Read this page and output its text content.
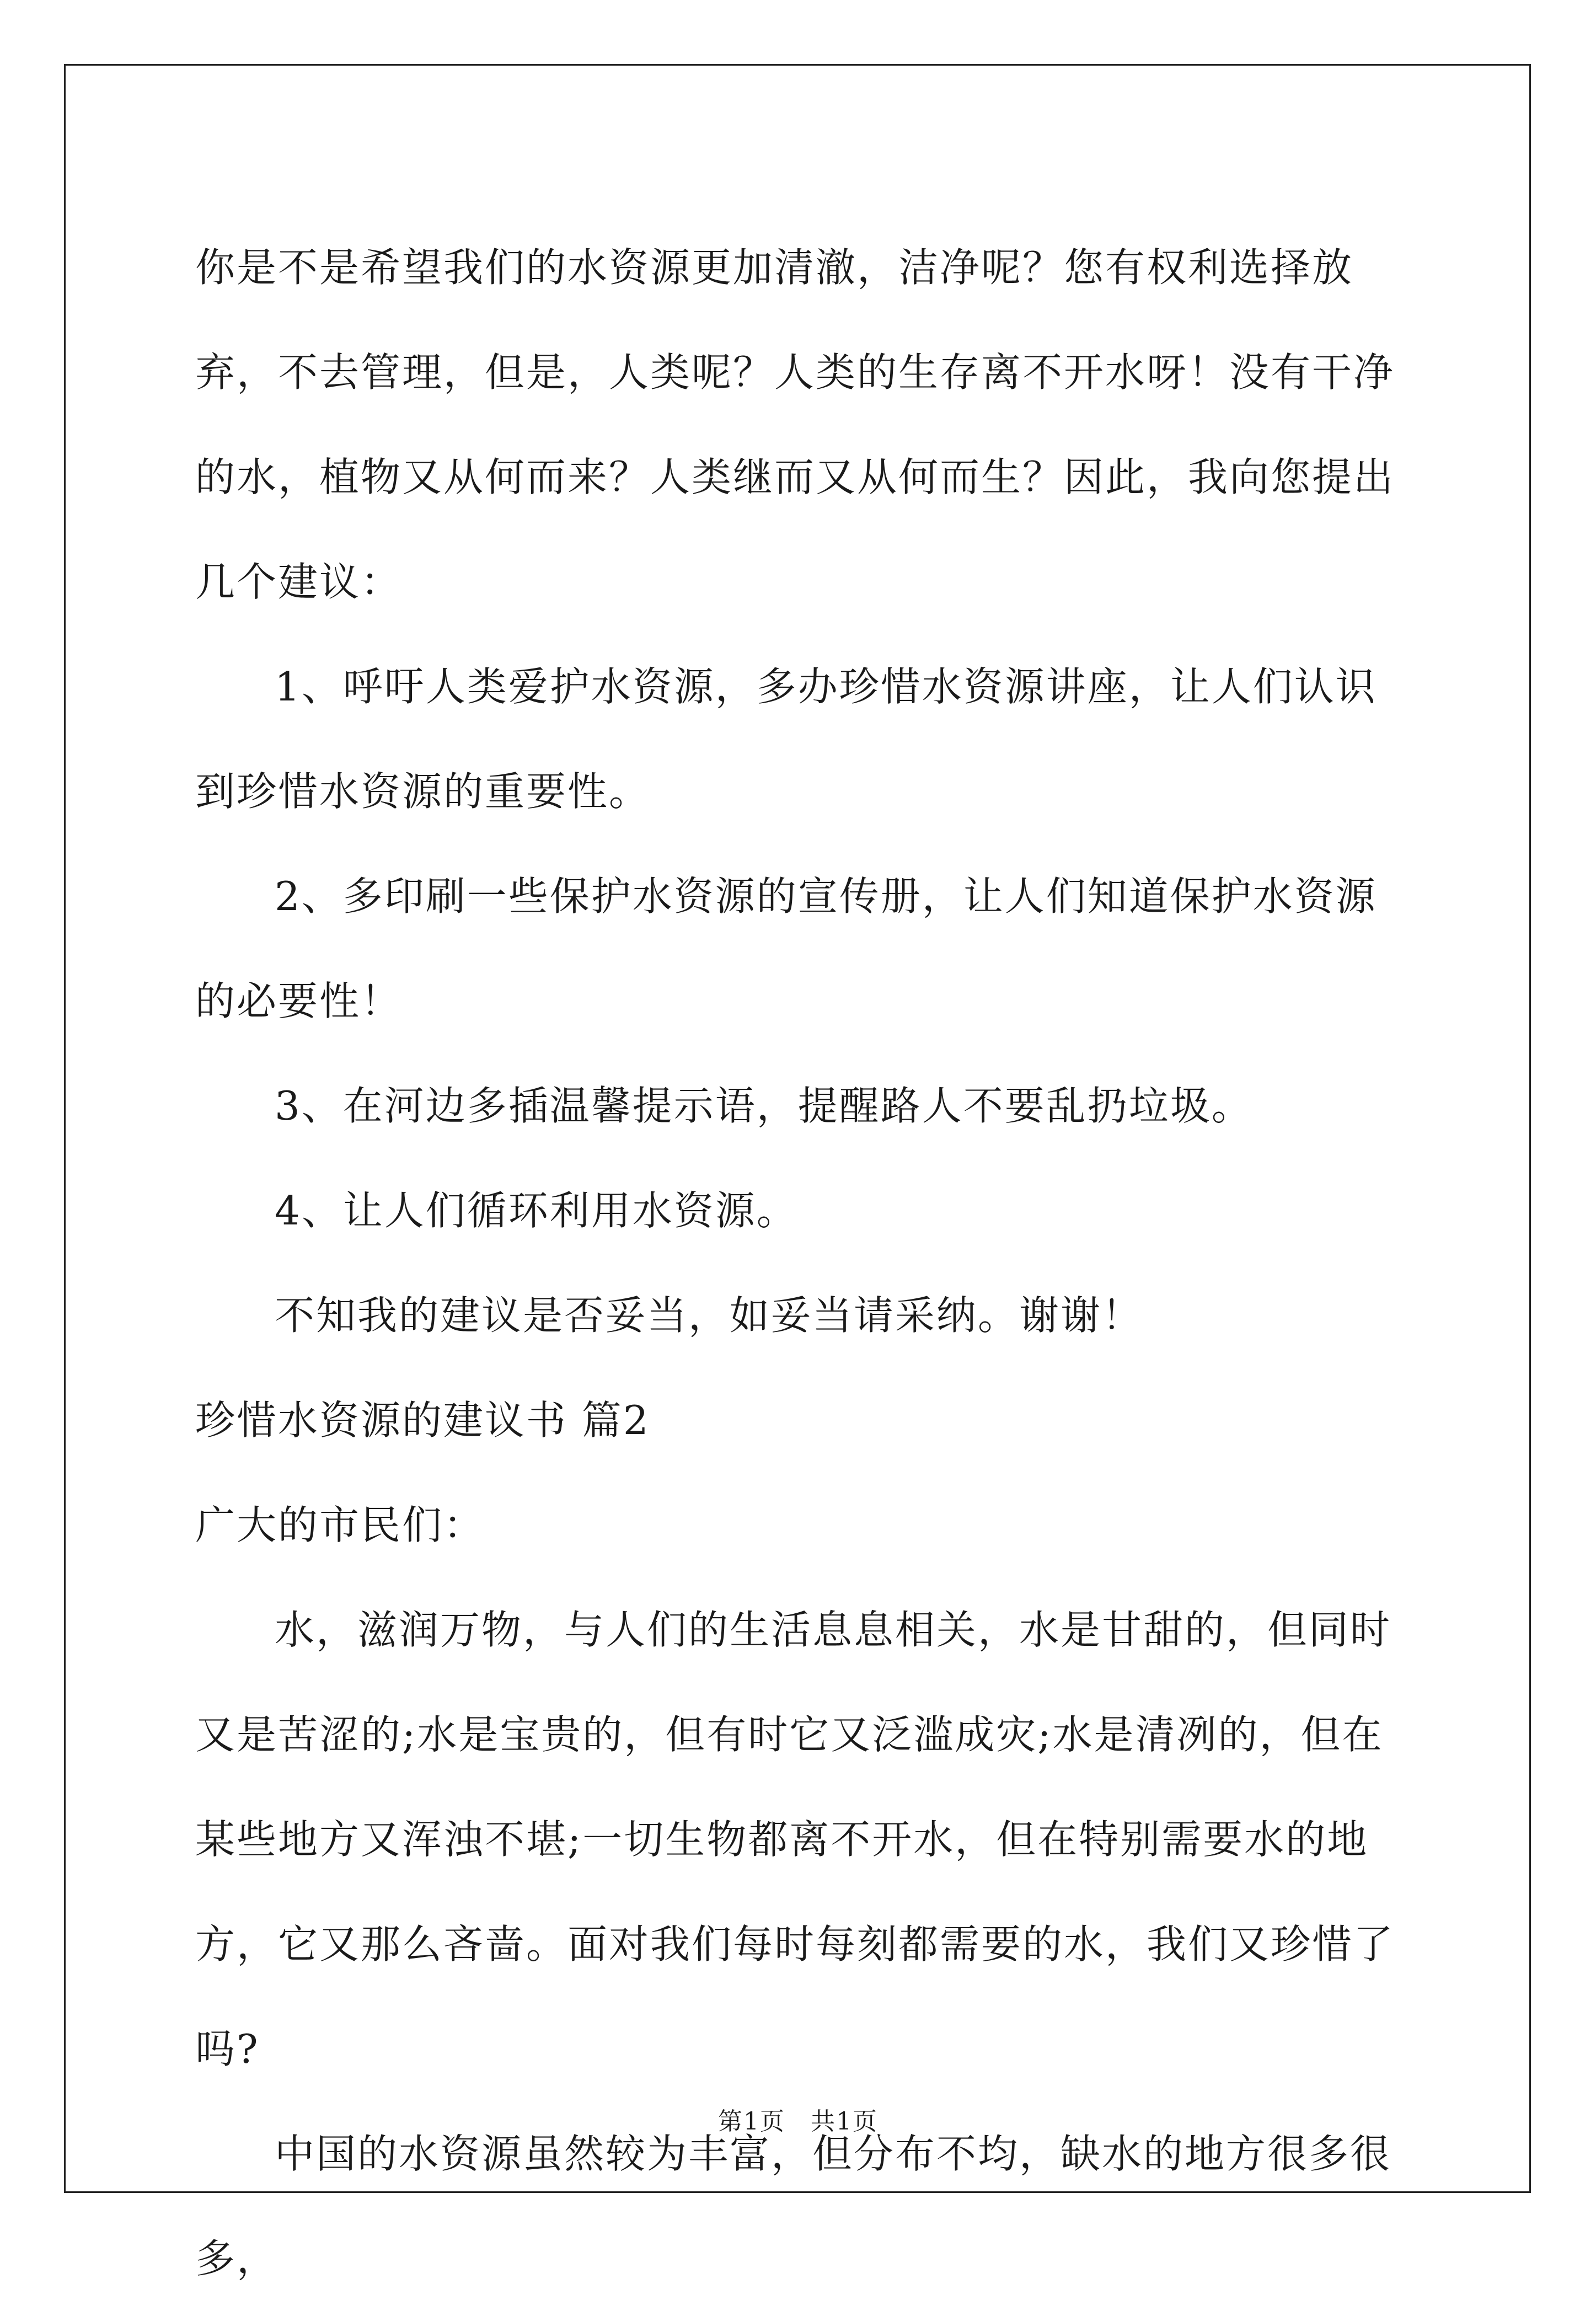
你是不是希望我们的水资源更加清澈，洁净呢？您有权利选择放弃，不去管理，但是，人类呢？人类的生存离不开水呀！没有干净的水，植物又从何而来？人类继而又从何而生？因此，我向您提出几个建议：

1、呼吁人类爱护水资源，多办珍惜水资源讲座，让人们认识到珍惜水资源的重要性。

2、多印刷一些保护水资源的宣传册，让人们知道保护水资源的必要性！

3、在河边多插温馨提示语，提醒路人不要乱扔垃圾。

4、让人们循环利用水资源。

不知我的建议是否妥当，如妥当请采纳。谢谢！

珍惜水资源的建议书 篇2

广大的市民们：

水，滋润万物，与人们的生活息息相关，水是甘甜的，但同时又是苦涩的;水是宝贵的，但有时它又泛滥成灾;水是清冽的，但在某些地方又浑浊不堪;一切生物都离不开水，但在特别需要水的地方，它又那么吝啬。面对我们每时每刻都需要的水，我们又珍惜了吗?

中国的水资源虽然较为丰富，但分布不均，缺水的地方很多很多，

第1页　共1页
